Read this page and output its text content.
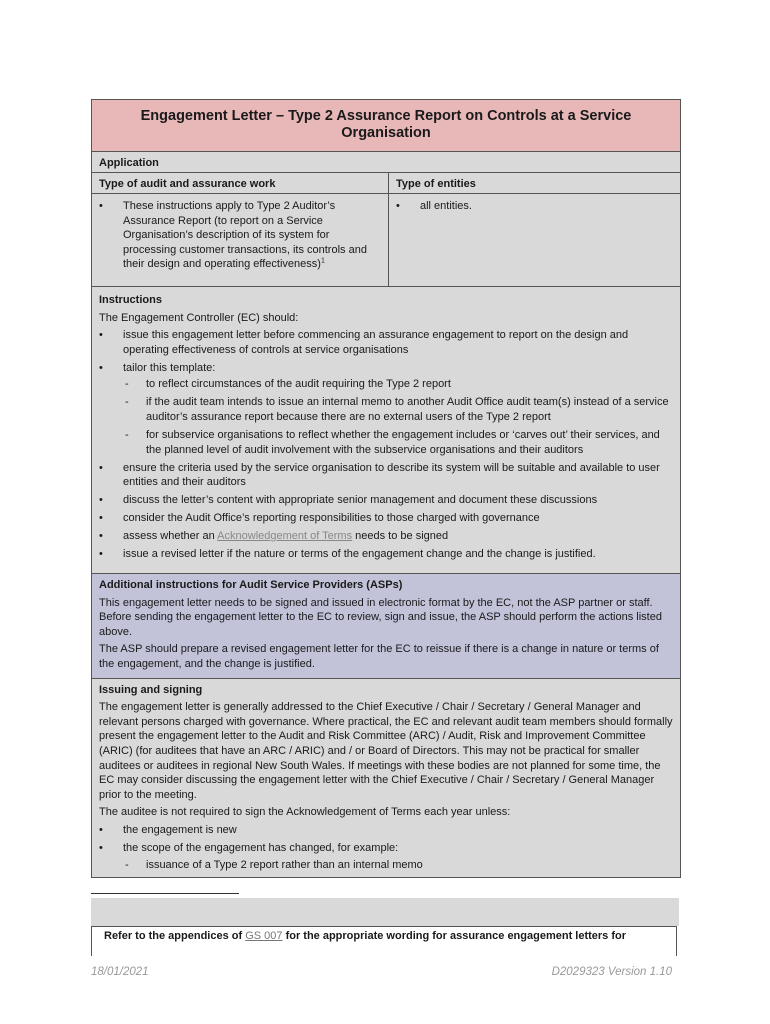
Engagement Letter – Type 2 Assurance Report on Controls at a Service Organisation
Application
Type of audit and assurance work	Type of entities
• These instructions apply to Type 2 Auditor’s Assurance Report (to report on a Service Organisation’s description of its system for processing customer transactions, its controls and their design and operating effectiveness)$^1$
• all entities.
Instructions

The Engagement Controller (EC) should:

• issue this engagement letter before commencing an assurance engagement to report on the design and operating effectiveness of controls at service organisations
• tailor this template:
- to reflect circumstances of the audit requiring the Type 2 report
- if the audit team intends to issue an internal memo to another Audit Office audit team(s) instead of a service auditor’s assurance report because there are no external users of the Type 2 report
- for subservice organisations to reflect whether the engagement includes or ‘carves out’ their services, and the planned level of audit involvement with the subservice organisations and their auditors
• ensure the criteria used by the service organisation to describe its system will be suitable and available to user entities and their auditors
• discuss the letter’s content with appropriate senior management and document these discussions
• consider the Audit Office’s reporting responsibilities to those charged with governance
• assess whether an Acknowledgement of Terms needs to be signed
• issue a revised letter if the nature or terms of the engagement change and the change is justified.
Additional instructions for Audit Service Providers (ASPs)

This engagement letter needs to be signed and issued in electronic format by the EC, not the ASP partner or staff. Before sending the engagement letter to the EC to review, sign and issue, the ASP should perform the actions listed above.

The ASP should prepare a revised engagement letter for the EC to reissue if there is a change in nature or terms of the engagement, and the change is justified.

Issuing and signing

The engagement letter is generally addressed to the Chief Executive / Chair / Secretary / General Manager and relevant persons charged with governance. Where practical, the EC and relevant audit team members should formally present the engagement letter to the Audit and Risk Committee (ARC) / Audit, Risk and Improvement Committee (ARIC) (for auditees that have an ARC / ARIC) and / or Board of Directors. This may not be practical for smaller auditees or auditees in regional New South Wales. If meetings with these bodies are not planned for some time, the EC may consider discussing the engagement letter with the Chief Executive / Chair / Secretary / General Manager prior to the meeting.

The auditee is not required to sign the Acknowledgement of Terms each year unless:

• the engagement is new
• the scope of the engagement has changed, for example:
- issuance of a Type 2 report rather than an internal memo
Refer to the appendices of GS 007 for the appropriate wording for assurance engagement letters for
18/01/2021	D2029323 Version 1.10
